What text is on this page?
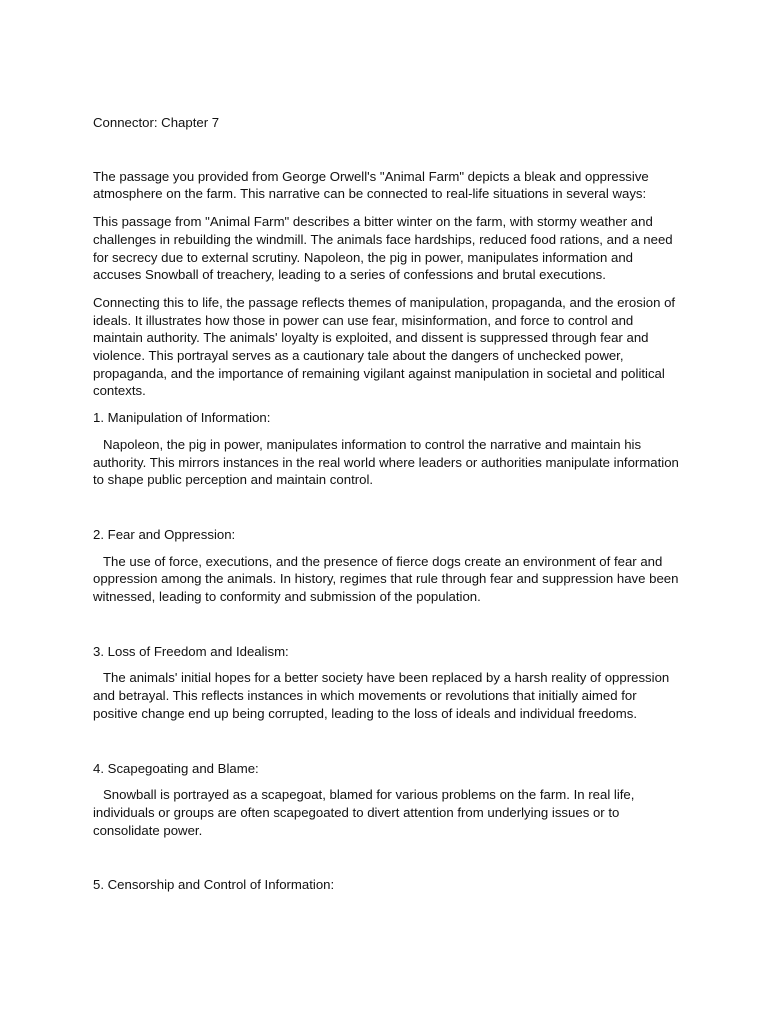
Connector: Chapter 7

The passage you provided from George Orwell's "Animal Farm" depicts a bleak and oppressive atmosphere on the farm. This narrative can be connected to real-life situations in several ways:

This passage from "Animal Farm" describes a bitter winter on the farm, with stormy weather and challenges in rebuilding the windmill. The animals face hardships, reduced food rations, and a need for secrecy due to external scrutiny. Napoleon, the pig in power, manipulates information and accuses Snowball of treachery, leading to a series of confessions and brutal executions.

Connecting this to life, the passage reflects themes of manipulation, propaganda, and the erosion of ideals. It illustrates how those in power can use fear, misinformation, and force to control and maintain authority. The animals' loyalty is exploited, and dissent is suppressed through fear and violence. This portrayal serves as a cautionary tale about the dangers of unchecked power, propaganda, and the importance of remaining vigilant against manipulation in societal and political contexts.

1. Manipulation of Information:

Napoleon, the pig in power, manipulates information to control the narrative and maintain his authority. This mirrors instances in the real world where leaders or authorities manipulate information to shape public perception and maintain control.

2. Fear and Oppression:

The use of force, executions, and the presence of fierce dogs create an environment of fear and oppression among the animals. In history, regimes that rule through fear and suppression have been witnessed, leading to conformity and submission of the population.

3. Loss of Freedom and Idealism:

The animals' initial hopes for a better society have been replaced by a harsh reality of oppression and betrayal. This reflects instances in which movements or revolutions that initially aimed for positive change end up being corrupted, leading to the loss of ideals and individual freedoms.

4. Scapegoating and Blame:

Snowball is portrayed as a scapegoat, blamed for various problems on the farm. In real life, individuals or groups are often scapegoated to divert attention from underlying issues or to consolidate power.

5. Censorship and Control of Information:
